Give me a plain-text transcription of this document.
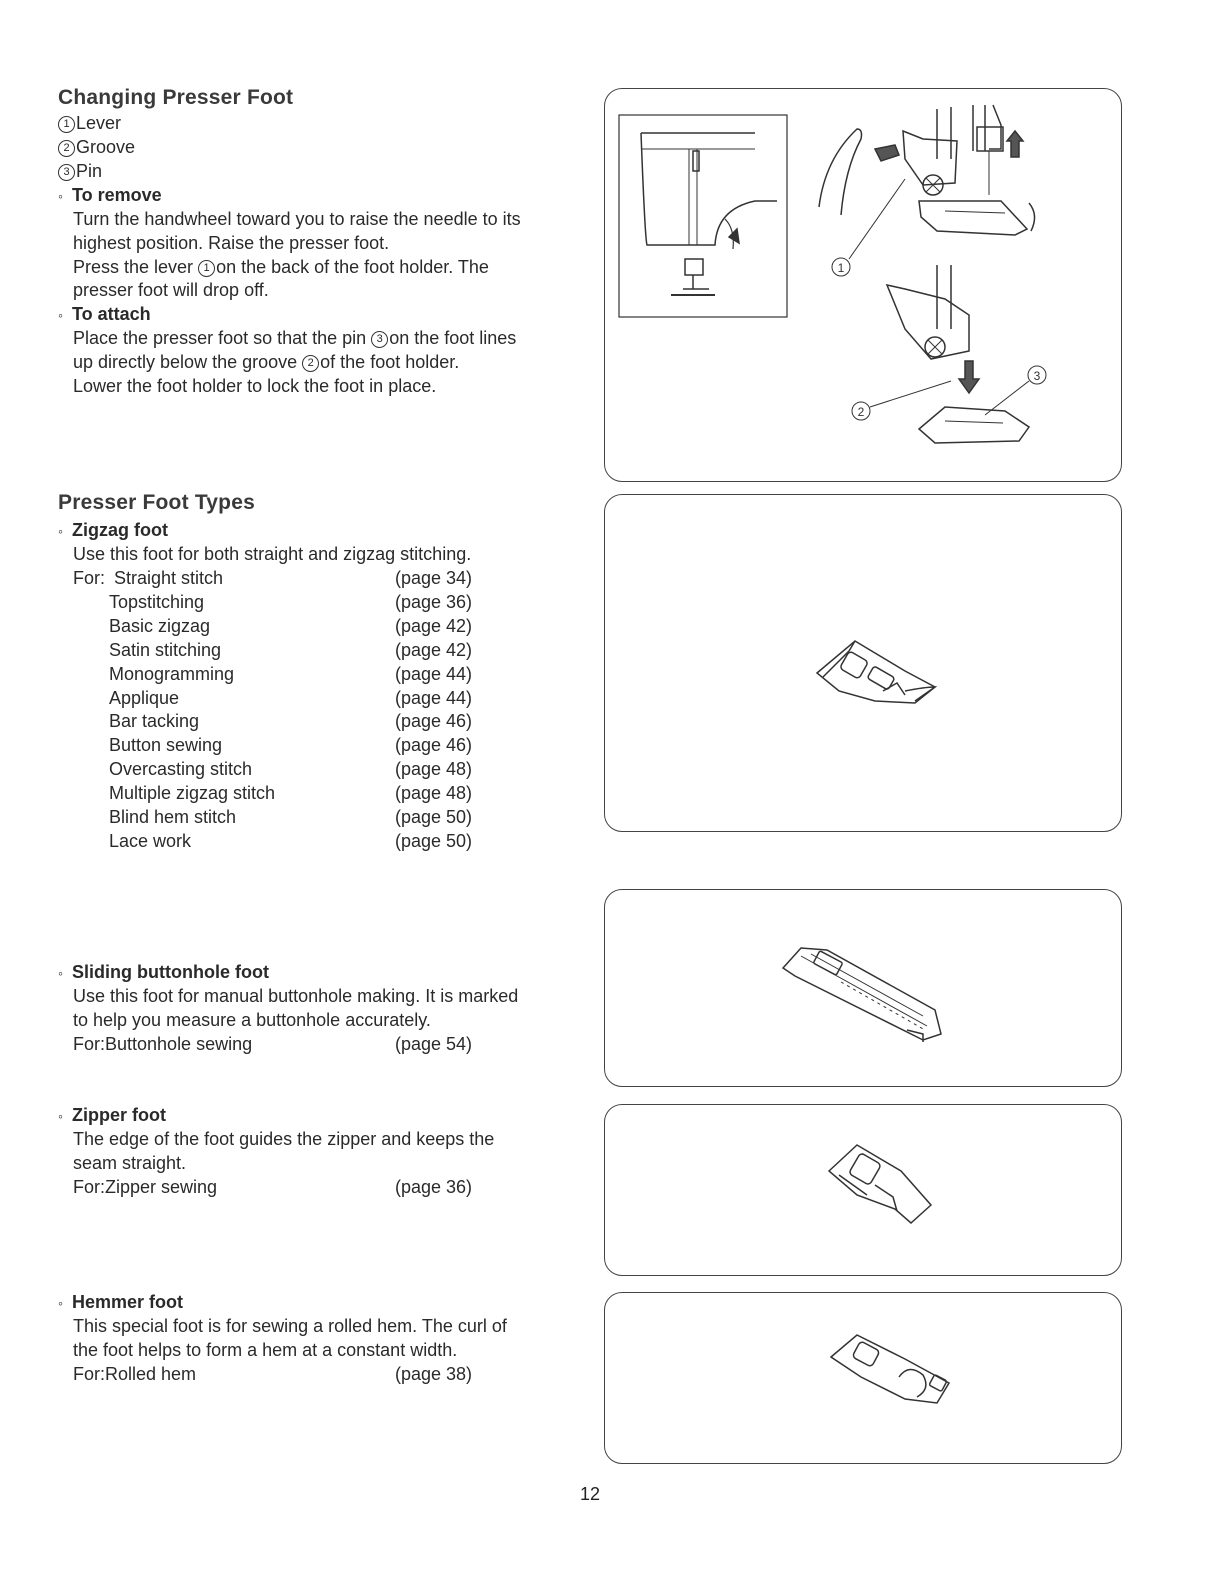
Changing Presser Foot
1 Lever
2 Groove
3 Pin
◦ To remove
Turn the handwheel toward you to raise the needle to its
highest position. Raise the presser foot.
Press the lever 1 on the back of the foot holder. The
presser foot will drop off.
◦ To attach
Place the presser foot so that the pin 3 on the foot lines
up directly below the groove 2 of the foot holder.
Lower the foot holder to lock the foot in place.
1
2
3
Presser Foot Types
◦ Zigzag foot
Use this foot for both straight and zigzag stitching.
For: Straight stitch	(page 34)
Topstitching	(page 36)
Basic zigzag	(page 42)
Satin stitching	(page 42)
Monogramming	(page 44)
Applique	(page 44)
Bar tacking	(page 46)
Button sewing	(page 46)
Overcasting stitch	(page 48)
Multiple zigzag stitch	(page 48)
Blind hem stitch	(page 50)
Lace work	(page 50)
◦ Sliding buttonhole foot
Use this foot for manual buttonhole making. It is marked
to help you measure a buttonhole accurately.
For:Buttonhole sewing	(page 54)
◦ Zipper foot
The edge of the foot guides the zipper and keeps the
seam straight.
For:Zipper sewing	(page 36)
◦ Hemmer foot
This special foot is for sewing a rolled hem. The curl of
the foot helps to form a hem at a constant width.
For:Rolled hem	(page 38)
12
